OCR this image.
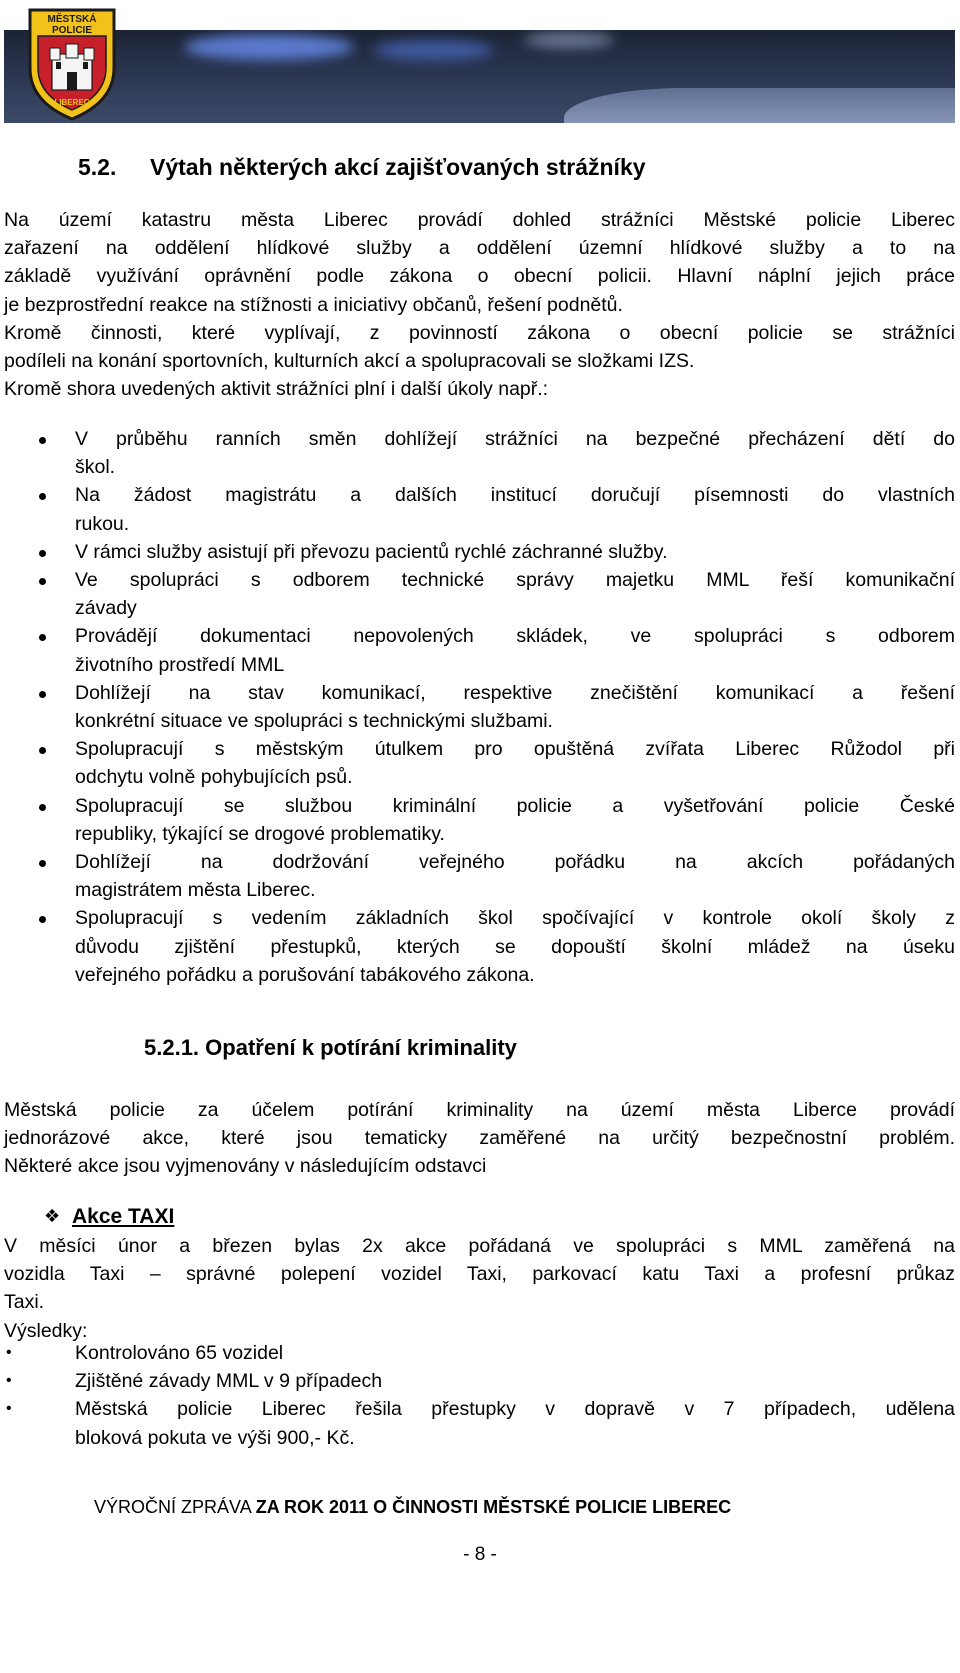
MĚSTSKÁ
POLICIE
LIBEREC
5.2. Výtah některých akcí zajišťovaných strážníky
Na území katastru města Liberec provádí dohled strážníci Městské policie Liberec
zařazení na oddělení hlídkové služby a oddělení územní hlídkové služby a to na
základě využívání oprávnění podle zákona o obecní policii. Hlavní náplní jejich práce
je bezprostřední reakce na stížnosti a iniciativy občanů, řešení podnětů.
Kromě činnosti, které vyplívají, z povinností zákona o obecní policie se strážníci
podíleli na konání sportovních, kulturních akcí a spolupracovali se složkami IZS.
Kromě shora uvedených aktivit strážníci plní i další úkoly např.:
V průběhu ranních směn dohlížejí strážníci na bezpečné přecházení dětí do
škol.
Na žádost magistrátu a dalších institucí doručují písemnosti do vlastních
rukou.
V rámci služby asistují při převozu pacientů rychlé záchranné služby.
Ve spolupráci s odborem technické správy majetku MML řeší komunikační
závady
Provádějí dokumentaci nepovolených skládek, ve spolupráci s odborem
životního prostředí MML
Dohlížejí na stav komunikací, respektive znečištění komunikací a řešení
konkrétní situace ve spolupráci s technickými službami.
Spolupracují s městským útulkem pro opuštěná zvířata Liberec Růžodol při
odchytu volně pohybujících psů.
Spolupracují se službou kriminální policie a vyšetřování policie České
republiky, týkající se drogové problematiky.
Dohlížejí na dodržování veřejného pořádku na akcích pořádaných
magistrátem města Liberec.
Spolupracují s vedením základních škol spočívající v kontrole okolí školy z
důvodu zjištění přestupků, kterých se dopouští školní mládež na úseku
veřejného pořádku a porušování tabákového zákona.
5.2.1. Opatření k potírání kriminality
Městská policie za účelem potírání kriminality na území města Liberce provádí
jednorázové akce, které jsou tematicky zaměřené na určitý bezpečnostní problém.
Některé akce jsou vyjmenovány v následujícím odstavci
❖ Akce TAXI
V měsíci únor a březen bylas 2x akce pořádaná ve spolupráci s MML zaměřená na
vozidla Taxi – správné polepení vozidel Taxi, parkovací katu Taxi a profesní průkaz
Taxi.
Výsledky:
•	Kontrolováno 65 vozidel
•	Zjištěné závady MML v 9 případech
•	Městská policie Liberec řešila přestupky v dopravě v 7 případech, udělena
bloková pokuta ve výši 900,- Kč.
VÝROČNÍ ZPRÁVA ZA ROK 2011 O ČINNOSTI MĚSTSKÉ POLICIE LIBEREC
- 8 -
